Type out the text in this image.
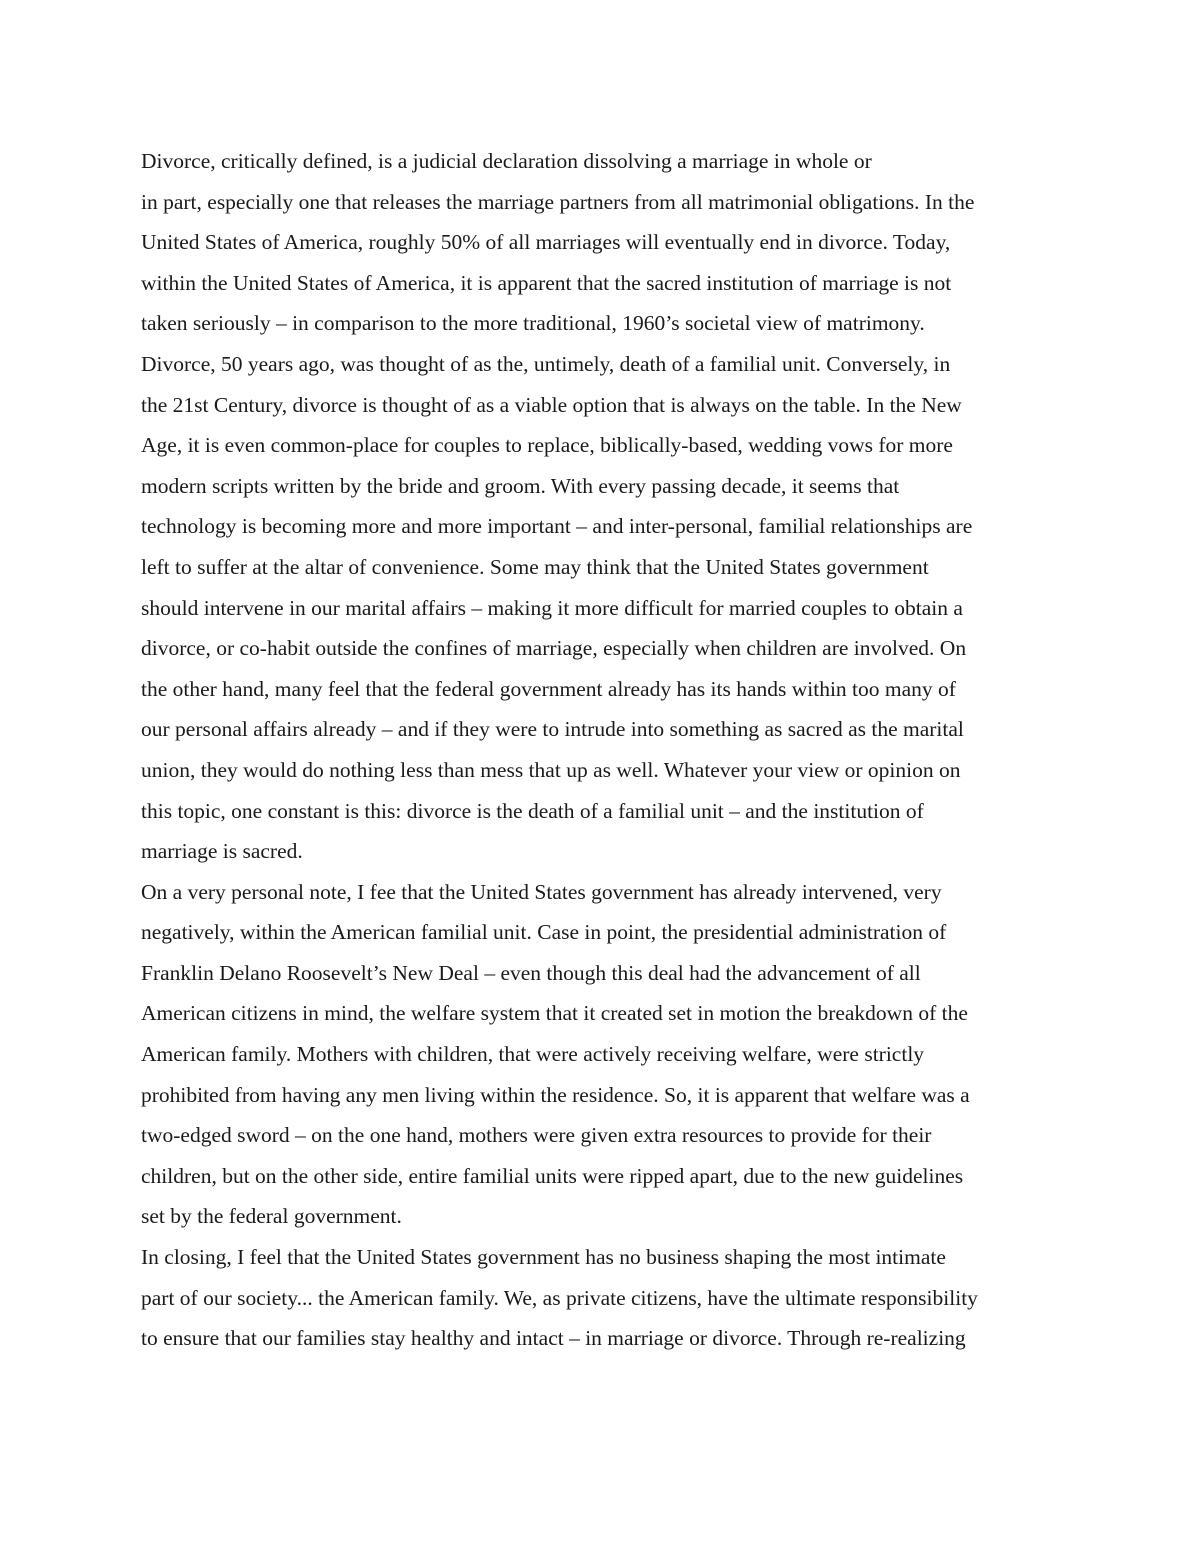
Divorce, critically defined, is a judicial declaration dissolving a marriage in whole or
in part, especially one that releases the marriage partners from all matrimonial obligations. In the
United States of America, roughly 50% of all marriages will eventually end in divorce. Today,
within the United States of America, it is apparent that the sacred institution of marriage is not
taken seriously – in comparison to the more traditional, 1960’s societal view of matrimony.
Divorce, 50 years ago, was thought of as the, untimely, death of a familial unit. Conversely, in
the 21st Century, divorce is thought of as a viable option that is always on the table. In the New
Age, it is even common-place for couples to replace, biblically-based, wedding vows for more
modern scripts written by the bride and groom. With every passing decade, it seems that
technology is becoming more and more important – and inter-personal, familial relationships are
left to suffer at the altar of convenience. Some may think that the United States government
should intervene in our marital affairs – making it more difficult for married couples to obtain a
divorce, or co-habit outside the confines of marriage, especially when children are involved. On
the other hand, many feel that the federal government already has its hands within too many of
our personal affairs already – and if they were to intrude into something as sacred as the marital
union, they would do nothing less than mess that up as well. Whatever your view or opinion on
this topic, one constant is this: divorce is the death of a familial unit – and the institution of
marriage is sacred.
On a very personal note, I fee that the United States government has already intervened, very
negatively, within the American familial unit. Case in point, the presidential administration of
Franklin Delano Roosevelt’s New Deal – even though this deal had the advancement of all
American citizens in mind, the welfare system that it created set in motion the breakdown of the
American family. Mothers with children, that were actively receiving welfare, were strictly
prohibited from having any men living within the residence. So, it is apparent that welfare was a
two-edged sword – on the one hand, mothers were given extra resources to provide for their
children, but on the other side, entire familial units were ripped apart, due to the new guidelines
set by the federal government.
In closing, I feel that the United States government has no business shaping the most intimate
part of our society... the American family. We, as private citizens, have the ultimate responsibility
to ensure that our families stay healthy and intact – in marriage or divorce. Through re-realizing
